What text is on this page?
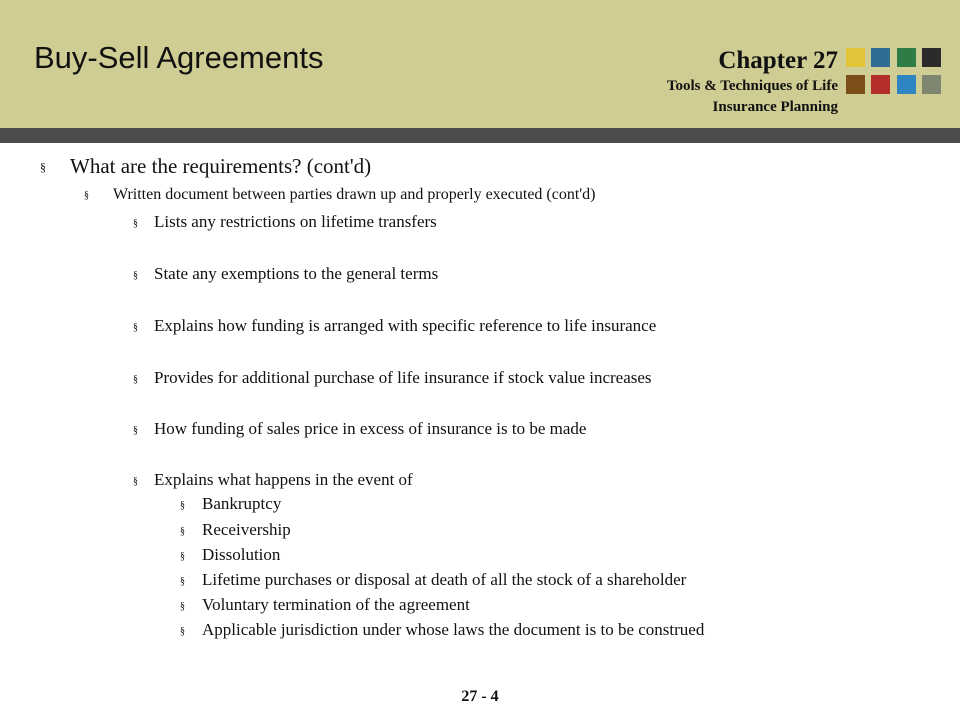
Buy-Sell Agreements	Chapter 27
Tools & Techniques of Life
Insurance Planning
§ What are the requirements? (cont'd)
§ Written document between parties drawn up and properly executed (cont'd)
§ Lists any restrictions on lifetime transfers
§ State any exemptions to the general terms
§ Explains how funding is arranged with specific reference to life insurance
§ Provides for additional purchase of life insurance if stock value increases
§ How funding of sales price in excess of insurance is to be made
§ Explains what happens in the event of
§ Bankruptcy
§ Receivership
§ Dissolution
§ Lifetime purchases or disposal at death of all the stock of a shareholder
§ Voluntary termination of the agreement
§ Applicable jurisdiction under whose laws the document is to be construed
27 - 4
